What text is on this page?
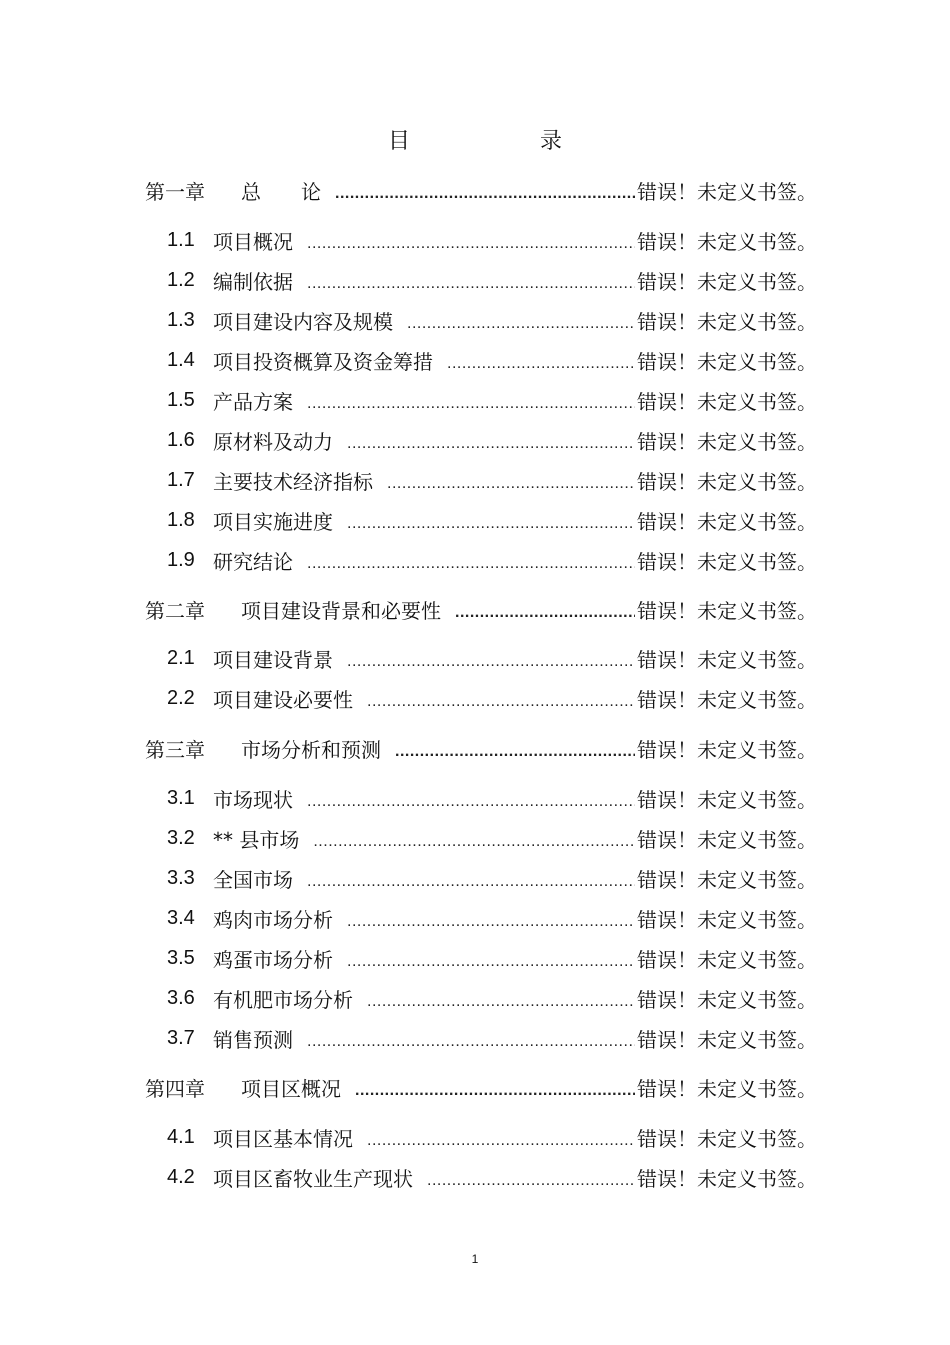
目　录
第一章	总　　论 .....	错误！未定义书签。
1.1 项目概况 .....	错误！未定义书签。
1.2 编制依据 .....	错误！未定义书签。
1.3 项目建设内容及规模 .....	错误！未定义书签。
1.4 项目投资概算及资金筹措 .....	错误！未定义书签。
1.5 产品方案 .....	错误！未定义书签。
1.6 原材料及动力 .....	错误！未定义书签。
1.7 主要技术经济指标 .....	错误！未定义书签。
1.8 项目实施进度 .....	错误！未定义书签。
1.9 研究结论 .....	错误！未定义书签。
第二章	项目建设背景和必要性 .....	错误！未定义书签。
2.1 项目建设背景 .....	错误！未定义书签。
2.2 项目建设必要性 .....	错误！未定义书签。
第三章	市场分析和预测 .....	错误！未定义书签。
3.1 市场现状 .....	错误！未定义书签。
3.2 ** 县市场 .....	错误！未定义书签。
3.3 全国市场 .....	错误！未定义书签。
3.4 鸡肉市场分析 .....	错误！未定义书签。
3.5 鸡蛋市场分析 .....	错误！未定义书签。
3.6 有机肥市场分析 .....	错误！未定义书签。
3.7 销售预测 .....	错误！未定义书签。
第四章	项目区概况 .....	错误！未定义书签。
4.1 项目区基本情况 .....	错误！未定义书签。
4.2 项目区畜牧业生产现状 .....	错误！未定义书签。
1
